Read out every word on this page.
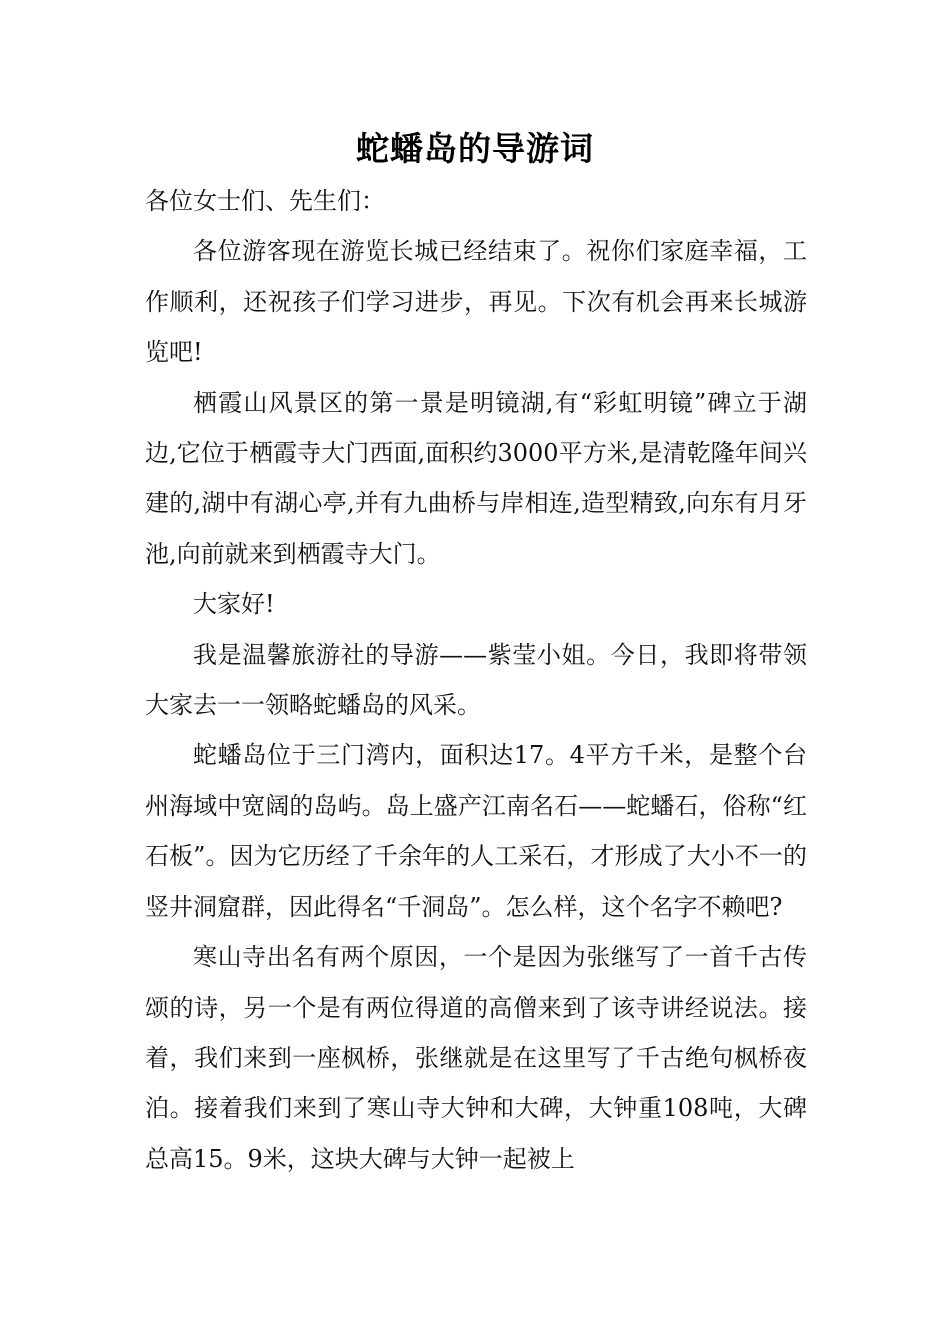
蛇蟠岛的导游词

各位女士们、先生们：

各位游客现在游览长城已经结束了。祝你们家庭幸福，工作顺利，还祝孩子们学习进步，再见。下次有机会再来长城游览吧!

栖霞山风景区的第一景是明镜湖,有“彩虹明镜”碑立于湖边,它位于栖霞寺大门西面,面积约3000平方米,是清乾隆年间兴建的,湖中有湖心亭,并有九曲桥与岸相连,造型精致,向东有月牙池,向前就来到栖霞寺大门。

大家好!

我是温馨旅游社的导游——紫莹小姐。今日，我即将带领大家去一一领略蛇蟠岛的风采。

蛇蟠岛位于三门湾内，面积达17。4平方千米，是整个台州海域中宽阔的岛屿。岛上盛产江南名石——蛇蟠石，俗称“红石板”。因为它历经了千余年的人工采石，才形成了大小不一的竖井洞窟群，因此得名“千洞岛”。怎么样，这个名字不赖吧?

寒山寺出名有两个原因，一个是因为张继写了一首千古传颂的诗，另一个是有两位得道的高僧来到了该寺讲经说法。接着，我们来到一座枫桥，张继就是在这里写了千古绝句枫桥夜泊。接着我们来到了寒山寺大钟和大碑，大钟重108吨，大碑总高15。9米，这块大碑与大钟一起被上
